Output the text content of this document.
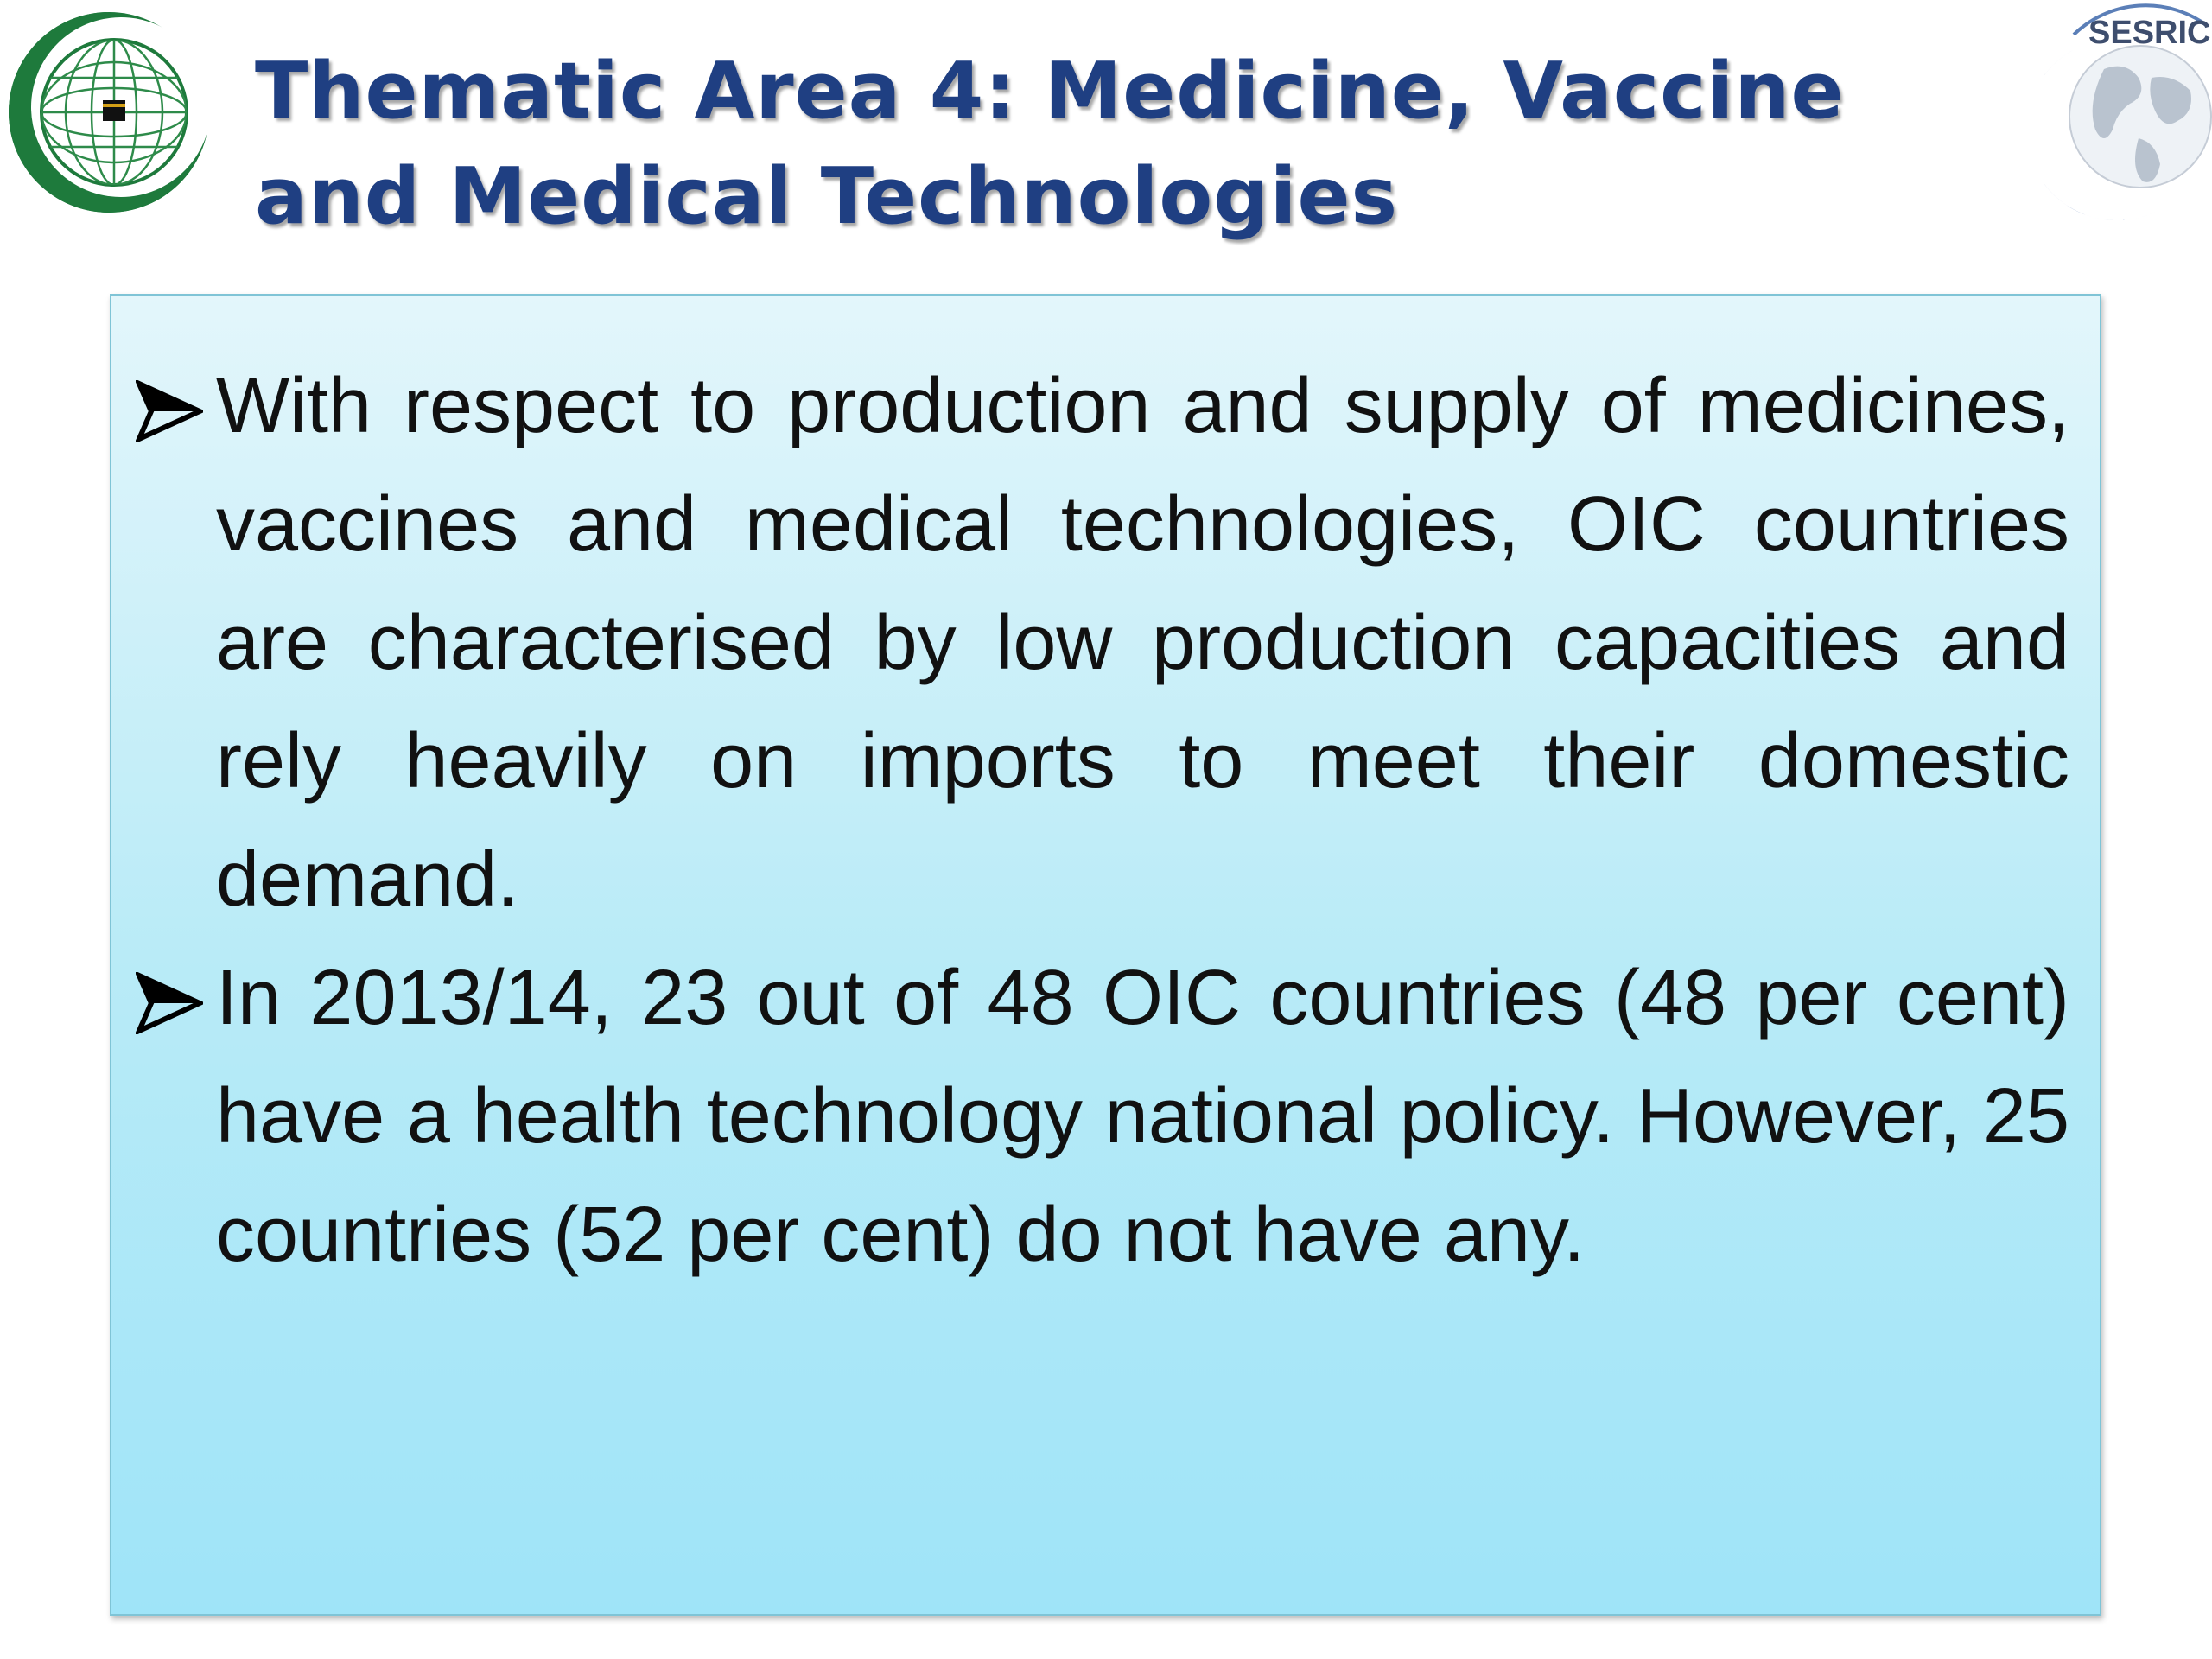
Thematic Area 4: Medicine, Vaccine and Medical Technologies
SESRIC
With respect to production and supply of medicines, vaccines and medical technologies, OIC countries are characterised by low production capacities and rely heavily on imports to meet their domestic demand.
In 2013/14, 23 out of 48 OIC countries (48 per cent) have a health technology national policy. However, 25 countries (52 per cent) do not have any.
